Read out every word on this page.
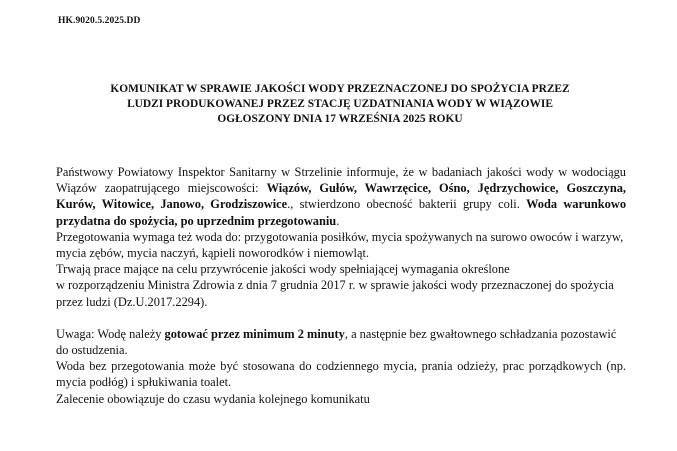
HK.9020.5.2025.DD
KOMUNIKAT W SPRAWIE JAKOŚCI WODY PRZEZNACZONEJ DO SPOŻYCIA PRZEZ
LUDZI PRODUKOWANEJ PRZEZ STACJĘ UZDATNIANIA WODY W WIĄZOWIE
OGŁOSZONY DNIA 17 WRZEŚNIA 2025 ROKU

Państwowy Powiatowy Inspektor Sanitarny w Strzelinie informuje, że w badaniach jakości wody w wodociągu Wiązów zaopatrującego miejscowości: Wiązów, Gułów, Wawrzęcice, Ośno, Jędrzychowice, Goszczyna, Kurów, Witowice, Janowo, Grodziszowice., stwierdzono obecność bakterii grupy coli. Woda warunkowo przydatna do spożycia, po uprzednim przegotowaniu.

Przegotowania wymaga też woda do: przygotowania posiłków, mycia spożywanych na surowo owoców i warzyw, mycia zębów, mycia naczyń, kąpieli noworodków i niemowląt.

Trwają prace mające na celu przywrócenie jakości wody spełniającej wymagania określone

w rozporządzeniu Ministra Zdrowia z dnia 7 grudnia 2017 r. w sprawie jakości wody przeznaczonej do spożycia przez ludzi (Dz.U.2017.2294).

Uwaga: Wodę należy gotować przez minimum 2 minuty, a następnie bez gwałtownego schładzania pozostawić do ostudzenia.

Woda bez przegotowania może być stosowana do codziennego mycia, prania odzieży, prac porządkowych (np. mycia podłóg) i spłukiwania toalet.

Zalecenie obowiązuje do czasu wydania kolejnego komunikatu
